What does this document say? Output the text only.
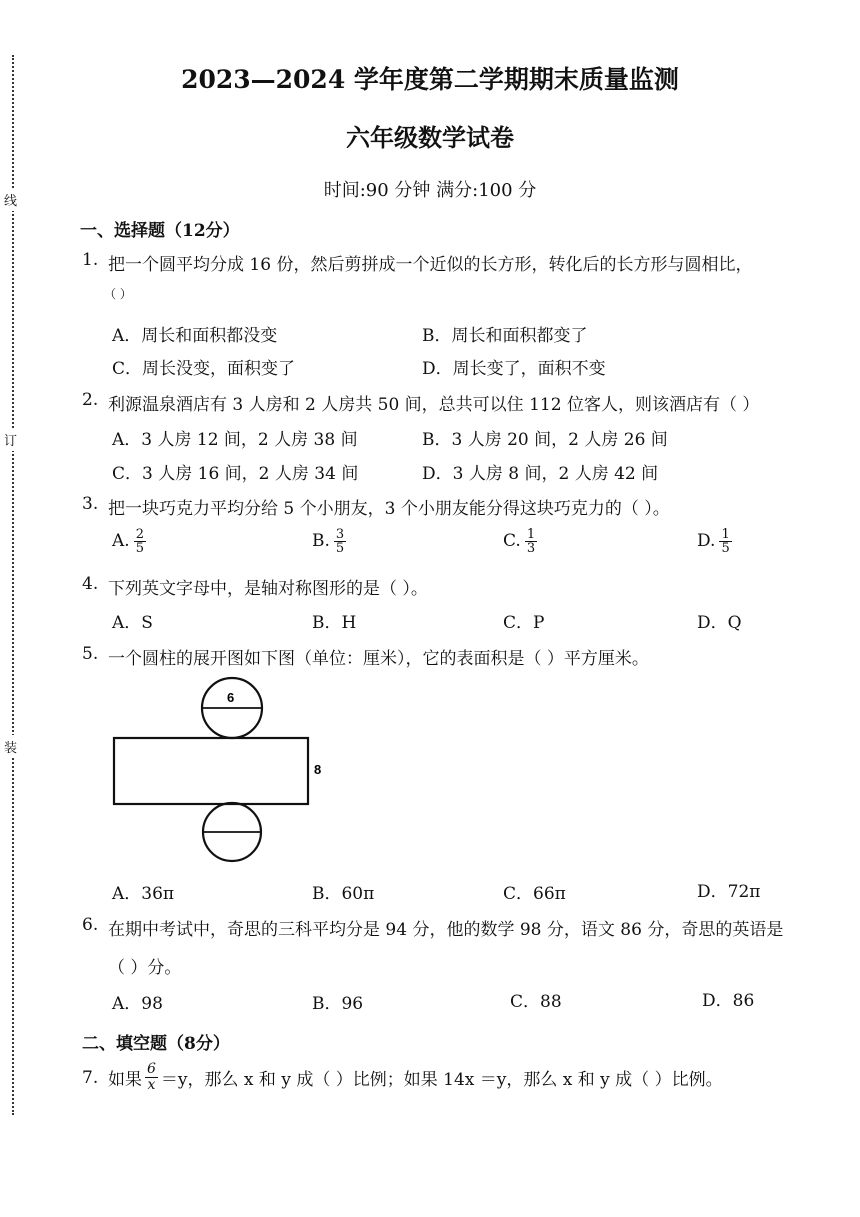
线
订
装
2023—2024 学年度第二学期期末质量监测
六年级数学试卷
时间:90 分钟 满分:100 分
一、选择题（12分）
1. 把一个圆平均分成 16 份，然后剪拼成一个近似的长方形，转化后的长方形与圆相比，
（ ）
A．周长和面积都没变	B．周长和面积都变了
C．周长没变，面积变了	D．周长变了，面积不变
2. 利源温泉酒店有 3 人房和 2 人房共 50 间，总共可以住 112 位客人，则该酒店有（ ）
A．3 人房 12 间，2 人房 38 间	B．3 人房 20 间，2 人房 26 间
C．3 人房 16 间，2 人房 34 间	D．3 人房 8 间，2 人房 42 间
3. 把一块巧克力平均分给 5 个小朋友，3 个小朋友能分得这块巧克力的（ ）。
A. $\frac{2}{5}$	B. $\frac{3}{5}$	C. $\frac{1}{3}$	D. $\frac{1}{5}$
4. 下列英文字母中，是轴对称图形的是（ ）。
A．S	B．H	C．P	D．Q
5. 一个圆柱的展开图如下图（单位：厘米），它的表面积是（ ）平方厘米。
6
8
A．36π	B．60π	C．66π	D．72π
6. 在期中考试中，奇思的三科平均分是 94 分，他的数学 98 分，语文 86 分，奇思的英语是
（ ）分。
A．98	B．96	C．88	D．86
二、填空题（8分）
7. 如果 $\frac{6}{x} =y$，那么 x 和 y 成（ ）比例；如果 14x ＝y，那么 x 和 y 成（ ）比例。
